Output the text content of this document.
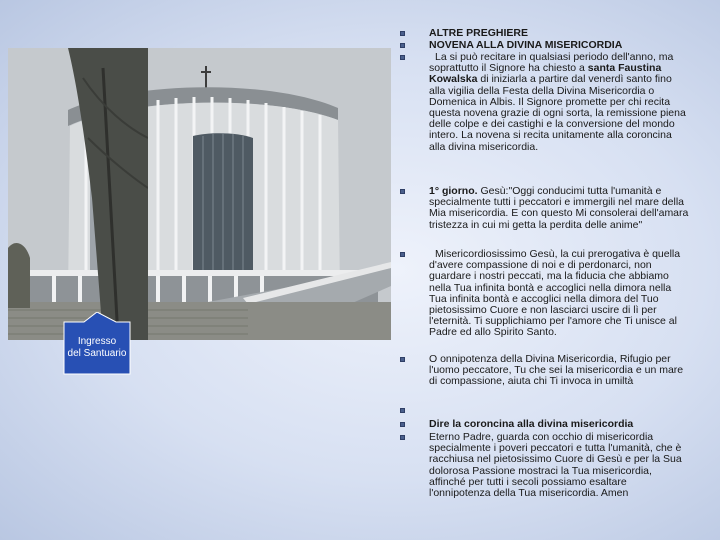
Ingresso
del Santuario
ALTRE PREGHIERE
NOVENA ALLA DIVINA MISERICORDIA
La si può recitare in qualsiasi periodo dell'anno, ma soprattutto il Signore ha chiesto a santa Faustina Kowalska di iniziarla a partire dal venerdì santo fino alla vigilia della Festa della Divina Misericordia o Domenica in Albis. Il Signore promette per chi recita questa novena grazie di ogni sorta, la remissione piena delle colpe e dei castighi e la conversione del mondo intero. La novena si recita unitamente alla coroncina alla divina misericordia.
1° giorno. Gesù:"Oggi conducimi tutta l'umanità e specialmente tutti i peccatori e immergili nel mare della Mia misericordia. E con questo Mi consolerai dell'amara tristezza in cui mi getta la perdita delle anime"
Misericordiosissimo Gesù, la cui prerogativa è quella d'avere compassione di noi e di perdonarci, non guardare i nostri peccati, ma la fiducia che abbiamo nella Tua infinita bontà e accoglici nella dimora nella Tua infinita bontà e accoglici nella dimora del Tuo pietosissimo Cuore e non lasciarci uscire di lì per l'eternità. Ti supplichiamo per l'amore che Ti unisce al Padre ed allo Spirito Santo.
O onnipotenza della Divina Misericordia, Rifugio per l'uomo peccatore, Tu che sei la misericordia e un mare di compassione, aiuta chi Ti invoca in umiltà
Dire la coroncina alla divina misericordia
Eterno Padre, guarda con occhio di misericordia specialmente i poveri peccatori e tutta l'umanità, che è racchiusa nel pietosissimo Cuore di Gesù e per la Sua dolorosa Passione mostraci la Tua misericordia, affinché per tutti i secoli possiamo esaltare l'onnipotenza della Tua misericordia. Amen
